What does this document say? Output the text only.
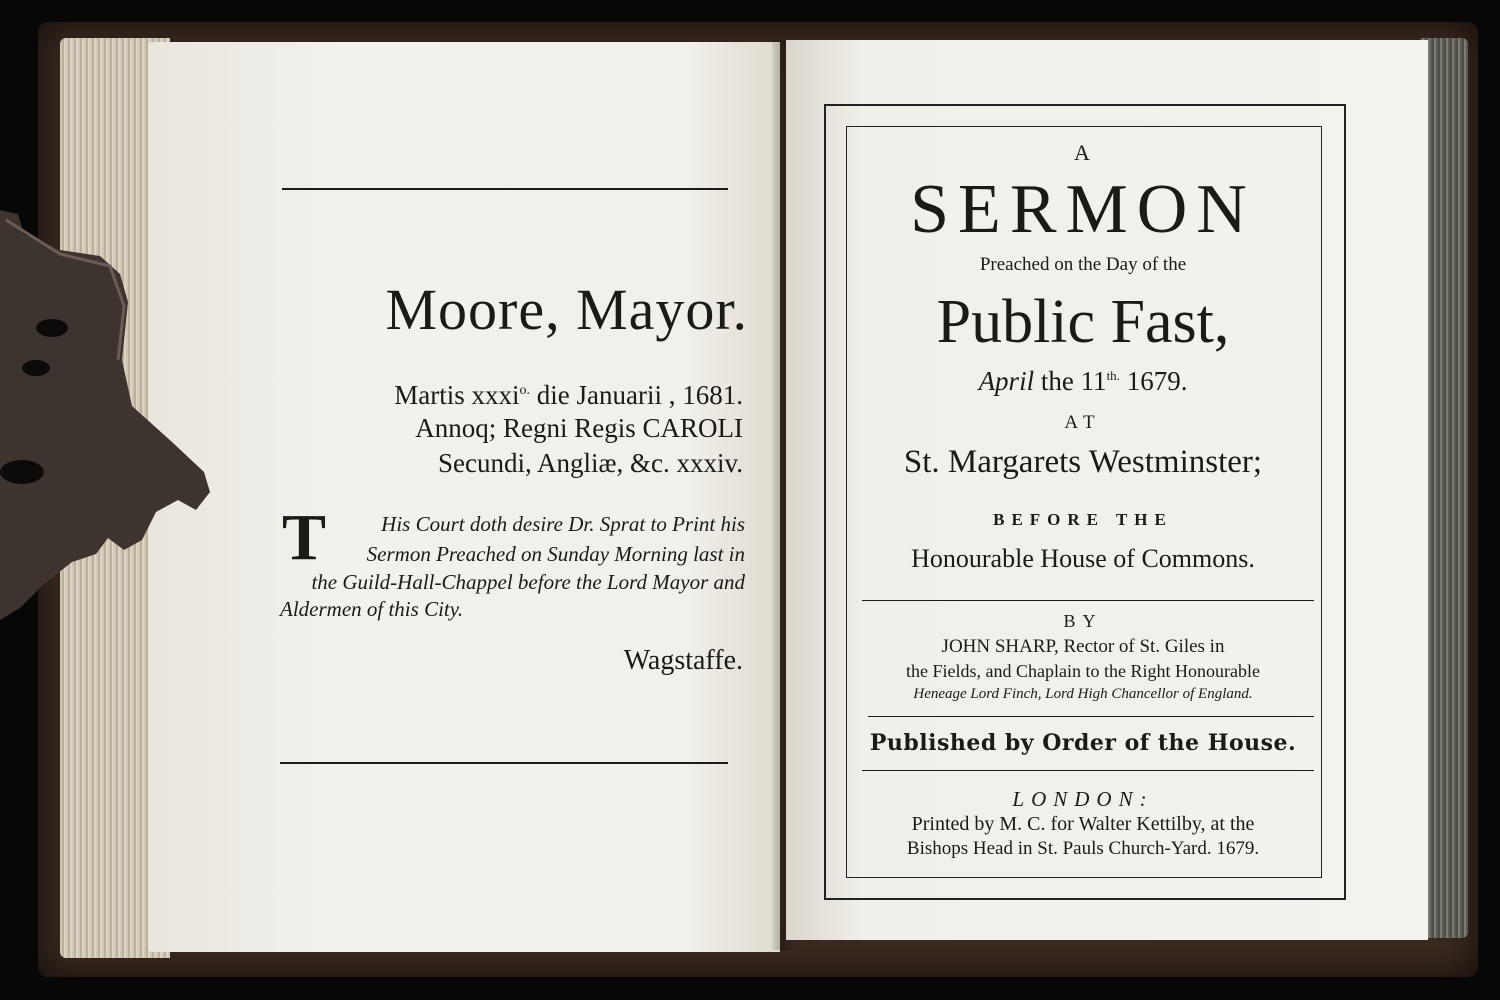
Moore, Mayor.
Martis xxxi$^{o.}$ die Januarii , 1681.
Annoq; Regni Regis CAROLI
Secundi, Angliæ, &c. xxxiv.
T	His Court doth desire Dr. Sprat to Print his
Sermon Preached on Sunday Morning last in
the Guild-Hall-Chappel before the Lord Mayor and
Aldermen of this City.
Wagstaffe.
A
SERMON
Preached on the Day of the
Public Fast,
April the $11^{th.}$ 1679.
AT
St. Margarets Westminster;
BEFORE THE
Honourable House of Commons.
BY
JOHN SHARP, Rector of St. Giles in
the Fields, and Chaplain to the Right Honourable
Heneage Lord Finch, Lord High Chancellor of England.
Published by Order of the House.
LONDON:
Printed by M. C. for Walter Kettilby, at the
Bishops Head in St. Pauls Church-Yard. 1679.
